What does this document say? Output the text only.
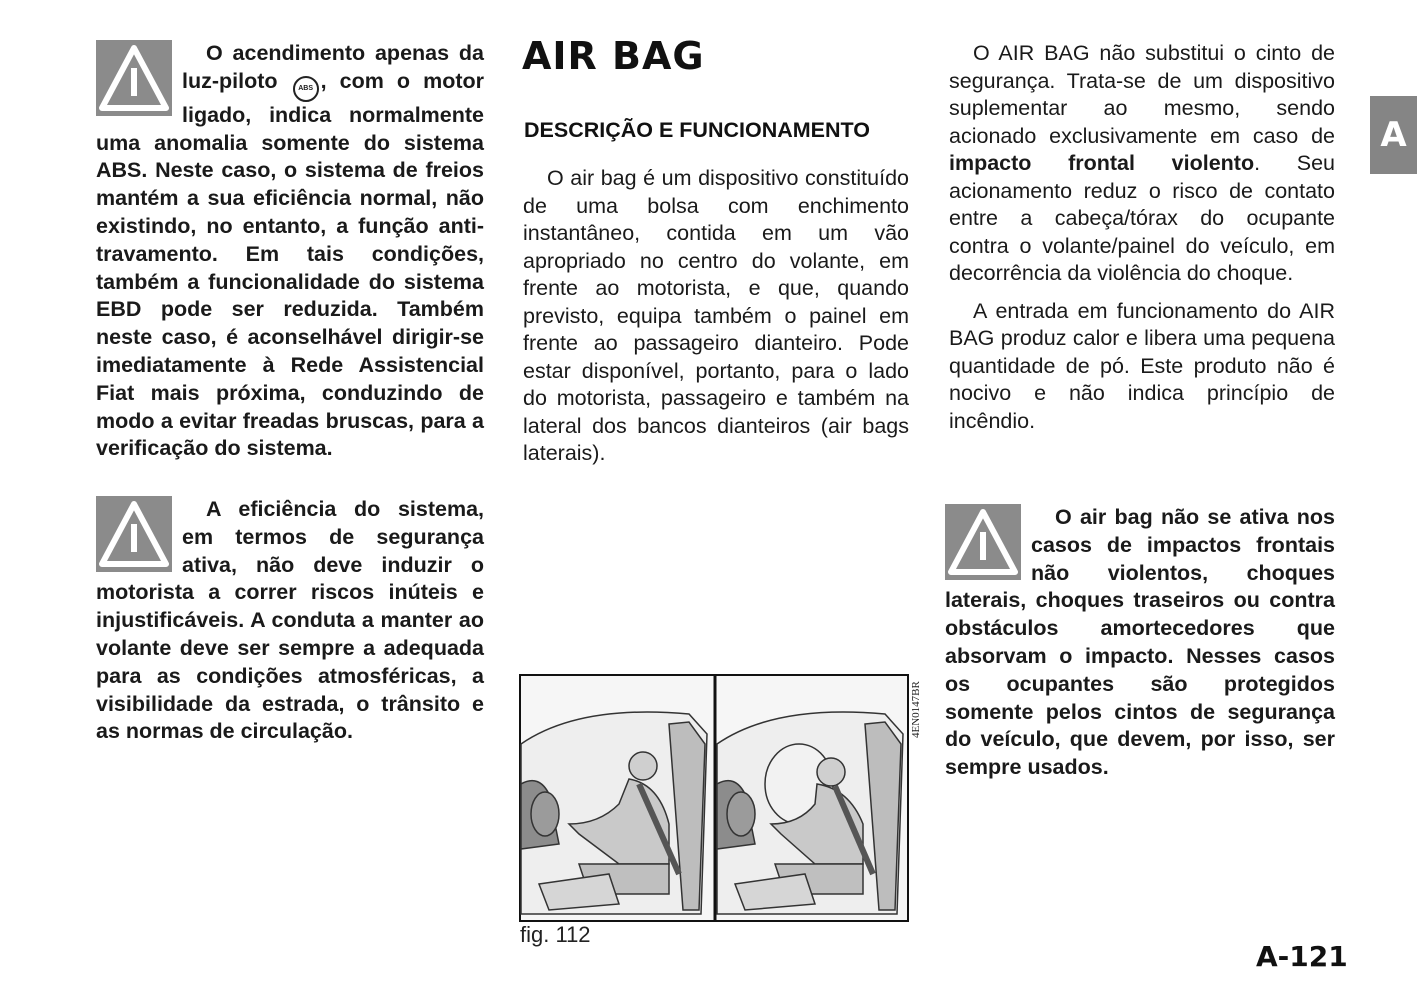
O acendimento apenas da luz-piloto	ABS , com o motor ligado, indica normalmente uma anomalia somente do sistema ABS. Neste caso, o sistema de freios mantém a sua eficiência normal, não existindo, no entanto, a função anti-travamento. Em tais condições, também a funcionalidade do sistema EBD pode ser reduzida. Também neste caso, é aconselhável dirigir-se imediatamente à Rede Assistencial Fiat mais próxima, conduzindo de modo a evitar freadas bruscas, para a verificação do sistema.
A eficiência do sistema, em termos de segurança ativa, não deve induzir o motorista a correr riscos inúteis e injustificáveis. A conduta a manter ao volante deve ser sempre a adequada para as condições atmosféricas, a visibilidade da estrada, o trânsito e as normas de circulação.
AIR BAG
DESCRIÇÃO E FUNCIONAMENTO
O air bag é um dispositivo constituído de uma bolsa com enchimento instantâneo, contida em um vão apropriado no centro do volante, em frente ao motorista, e que, quando previsto, equipa também o painel em frente ao passageiro dianteiro. Pode estar disponível, portanto, para o lado do motorista, passageiro e também na lateral dos bancos dianteiros (air bags laterais).
4EN0147BR
fig. 112

O AIR BAG não substitui o cinto de segurança. Trata-se de um dispositivo suplementar ao mesmo, sendo acionado exclusivamente em caso de impacto frontal violento. Seu acionamento reduz o risco de contato entre a cabeça/tórax do ocupante contra o volante/painel do veículo, em decorrência da violência do choque.

A entrada em funcionamento do AIR BAG produz calor e libera uma pequena quantidade de pó. Este produto não é nocivo e não indica princípio de incêndio.

O air bag não se ativa nos casos de impactos frontais não violentos, choques laterais, choques traseiros ou contra obstáculos amortecedores que absorvam o impacto. Nesses casos os ocupantes são protegidos somente pelos cintos de segurança do veículo, que devem, por isso, ser sempre usados.
A
A-121
